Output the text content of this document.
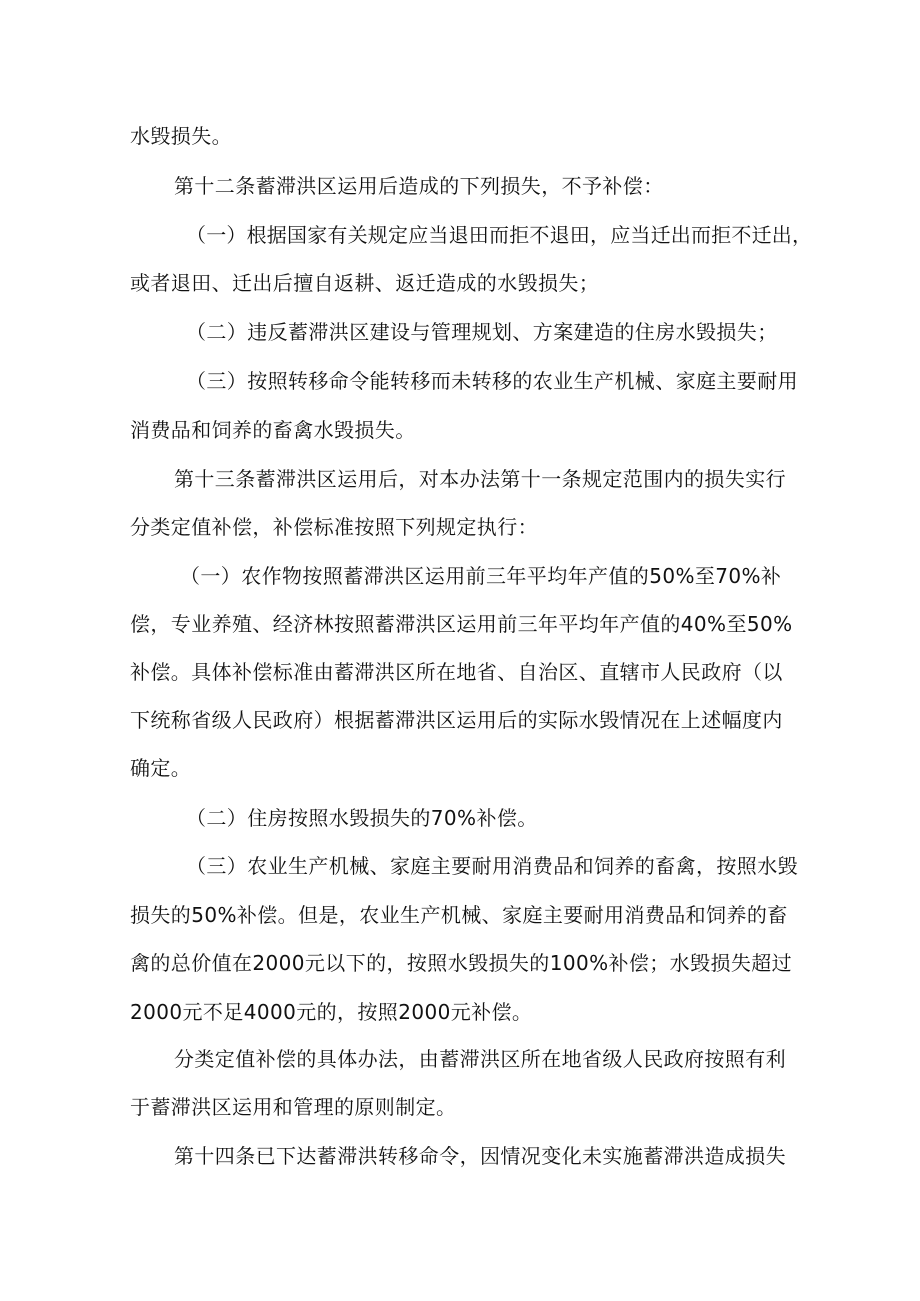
水毁损失。
第十二条蓄滞洪区运用后造成的下列损失，不予补偿：
（一）根据国家有关规定应当退田而拒不退田，应当迁出而拒不迁出，
或者退田、迁出后擅自返耕、返迁造成的水毁损失；
（二）违反蓄滞洪区建设与管理规划、方案建造的住房水毁损失；
（三）按照转移命令能转移而未转移的农业生产机械、家庭主要耐用
消费品和饲养的畜禽水毁损失。
第十三条蓄滞洪区运用后，对本办法第十一条规定范围内的损失实行
分类定值补偿，补偿标准按照下列规定执行：
（一）农作物按照蓄滞洪区运用前三年平均年产值的50%至70%补
偿，专业养殖、经济林按照蓄滞洪区运用前三年平均年产值的40%至50%
补偿。具体补偿标准由蓄滞洪区所在地省、自治区、直辖市人民政府（以
下统称省级人民政府）根据蓄滞洪区运用后的实际水毁情况在上述幅度内
确定。
（二）住房按照水毁损失的70%补偿。
（三）农业生产机械、家庭主要耐用消费品和饲养的畜禽，按照水毁
损失的50%补偿。但是，农业生产机械、家庭主要耐用消费品和饲养的畜
禽的总价值在2000元以下的，按照水毁损失的100%补偿；水毁损失超过
2000元不足4000元的，按照2000元补偿。
分类定值补偿的具体办法，由蓄滞洪区所在地省级人民政府按照有利
于蓄滞洪区运用和管理的原则制定。
第十四条已下达蓄滞洪转移命令，因情况变化未实施蓄滞洪造成损失
